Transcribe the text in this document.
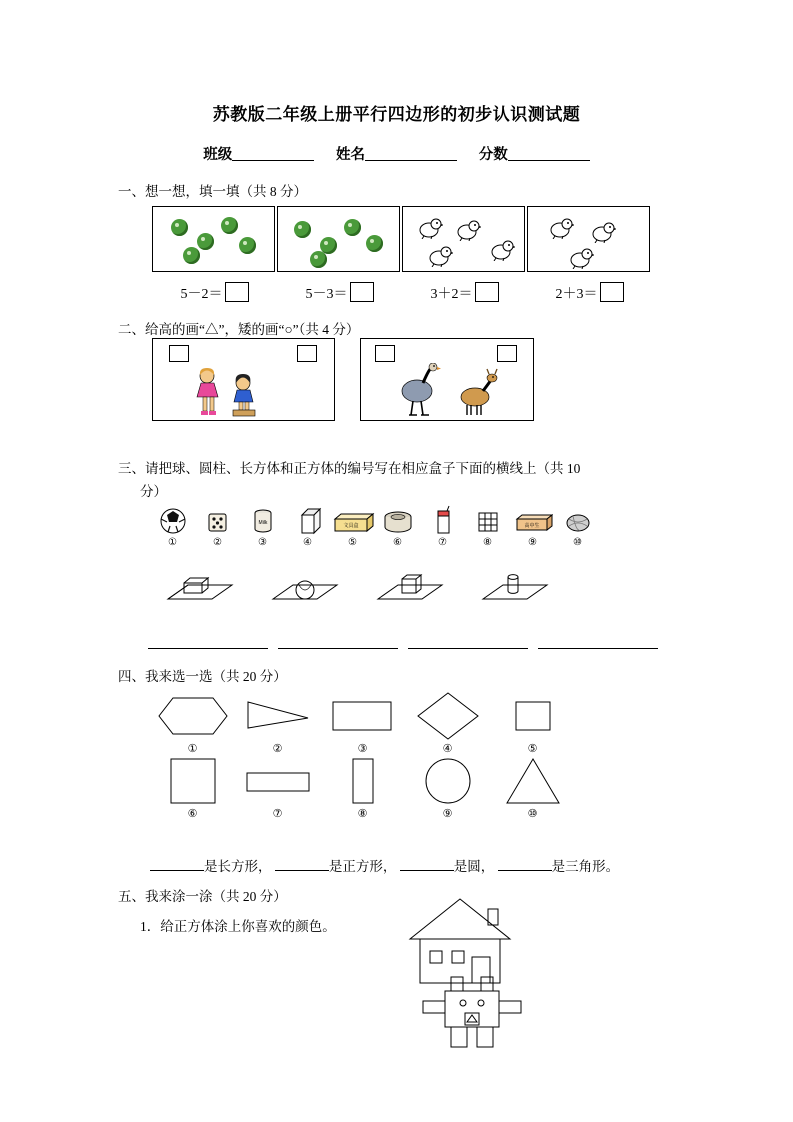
苏教版二年级上册平行四边形的初步认识测试题
班级	姓名	分数
一、想一想，填一填（共 8 分）
5－2＝	5－3＝	3＋2＝	2＋3＝
二、给高的画“△”，矮的画“○”（共 4 分）
三、请把球、圆柱、长方体和正方体的编号写在相应盒子下面的横线上（共 10
分）
①	②
Milk
③	④
文具盒
⑤	⑥	⑦	⑧
高中生
⑨	⑩
四、我来选一选（共 20 分）
①	②	③	④	⑤
⑥	⑦	⑧	⑨	⑩
是长方形，	是正方形，	是圆，	是三角形。
五、我来涂一涂（共 20 分）
1．给正方体涂上你喜欢的颜色。
